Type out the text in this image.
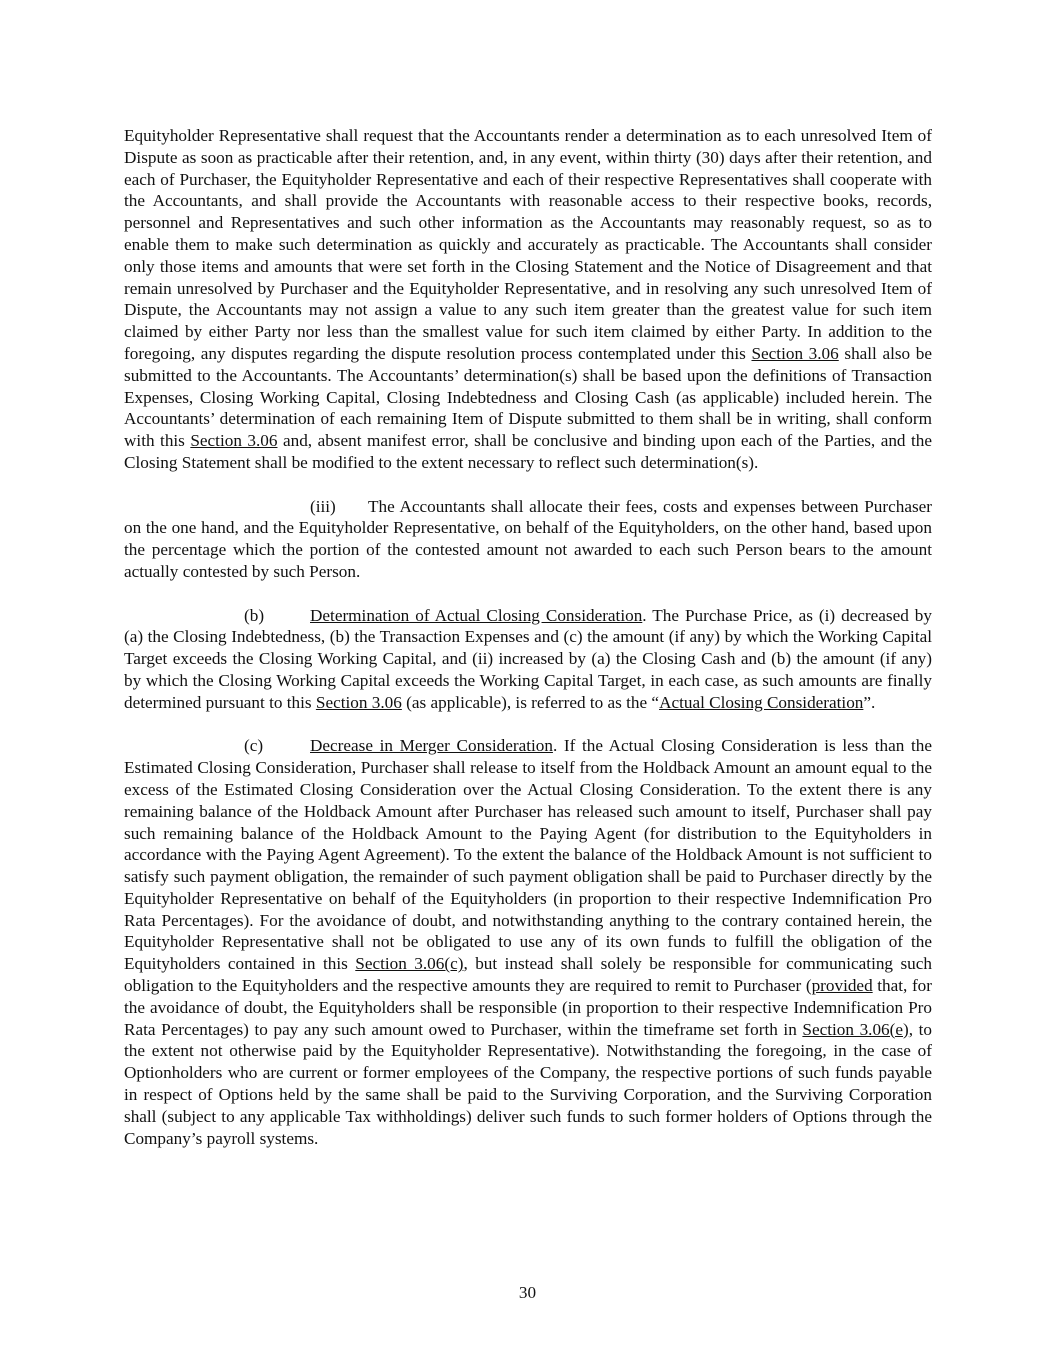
Equityholder Representative shall request that the Accountants render a determination as to each unresolved Item of Dispute as soon as practicable after their retention, and, in any event, within thirty (30) days after their retention, and each of Purchaser, the Equityholder Representative and each of their respective Representatives shall cooperate with the Accountants, and shall provide the Accountants with reasonable access to their respective books, records, personnel and Representatives and such other information as the Accountants may reasonably request, so as to enable them to make such determination as quickly and accurately as practicable. The Accountants shall consider only those items and amounts that were set forth in the Closing Statement and the Notice of Disagreement and that remain unresolved by Purchaser and the Equityholder Representative, and in resolving any such unresolved Item of Dispute, the Accountants may not assign a value to any such item greater than the greatest value for such item claimed by either Party nor less than the smallest value for such item claimed by either Party. In addition to the foregoing, any disputes regarding the dispute resolution process contemplated under this Section 3.06 shall also be submitted to the Accountants. The Accountants’ determination(s) shall be based upon the definitions of Transaction Expenses, Closing Working Capital, Closing Indebtedness and Closing Cash (as applicable) included herein. The Accountants’ determination of each remaining Item of Dispute submitted to them shall be in writing, shall conform with this Section 3.06 and, absent manifest error, shall be conclusive and binding upon each of the Parties, and the Closing Statement shall be modified to the extent necessary to reflect such determination(s).

(iii) The Accountants shall allocate their fees, costs and expenses between Purchaser on the one hand, and the Equityholder Representative, on behalf of the Equityholders, on the other hand, based upon the percentage which the portion of the contested amount not awarded to each such Person bears to the amount actually contested by such Person.

(b)	Determination of Actual Closing Consideration. The Purchase Price, as (i) decreased by (a) the Closing Indebtedness, (b) the Transaction Expenses and (c) the amount (if any) by which the Working Capital Target exceeds the Closing Working Capital, and (ii) increased by (a) the Closing Cash and (b) the amount (if any) by which the Closing Working Capital exceeds the Working Capital Target, in each case, as such amounts are finally determined pursuant to this Section 3.06 (as applicable), is referred to as the “Actual Closing Consideration”.

(c)	Decrease in Merger Consideration. If the Actual Closing Consideration is less than the Estimated Closing Consideration, Purchaser shall release to itself from the Holdback Amount an amount equal to the excess of the Estimated Closing Consideration over the Actual Closing Consideration. To the extent there is any remaining balance of the Holdback Amount after Purchaser has released such amount to itself, Purchaser shall pay such remaining balance of the Holdback Amount to the Paying Agent (for distribution to the Equityholders in accordance with the Paying Agent Agreement). To the extent the balance of the Holdback Amount is not sufficient to satisfy such payment obligation, the remainder of such payment obligation shall be paid to Purchaser directly by the Equityholder Representative on behalf of the Equityholders (in proportion to their respective Indemnification Pro Rata Percentages). For the avoidance of doubt, and notwithstanding anything to the contrary contained herein, the Equityholder Representative shall not be obligated to use any of its own funds to fulfill the obligation of the Equityholders contained in this Section 3.06(c), but instead shall solely be responsible for communicating such obligation to the Equityholders and the respective amounts they are required to remit to Purchaser (provided that, for the avoidance of doubt, the Equityholders shall be responsible (in proportion to their respective Indemnification Pro Rata Percentages) to pay any such amount owed to Purchaser, within the timeframe set forth in Section 3.06(e), to the extent not otherwise paid by the Equityholder Representative). Notwithstanding the foregoing, in the case of Optionholders who are current or former employees of the Company, the respective portions of such funds payable in respect of Options held by the same shall be paid to the Surviving Corporation, and the Surviving Corporation shall (subject to any applicable Tax withholdings) deliver such funds to such former holders of Options through the Company’s payroll systems.

30
